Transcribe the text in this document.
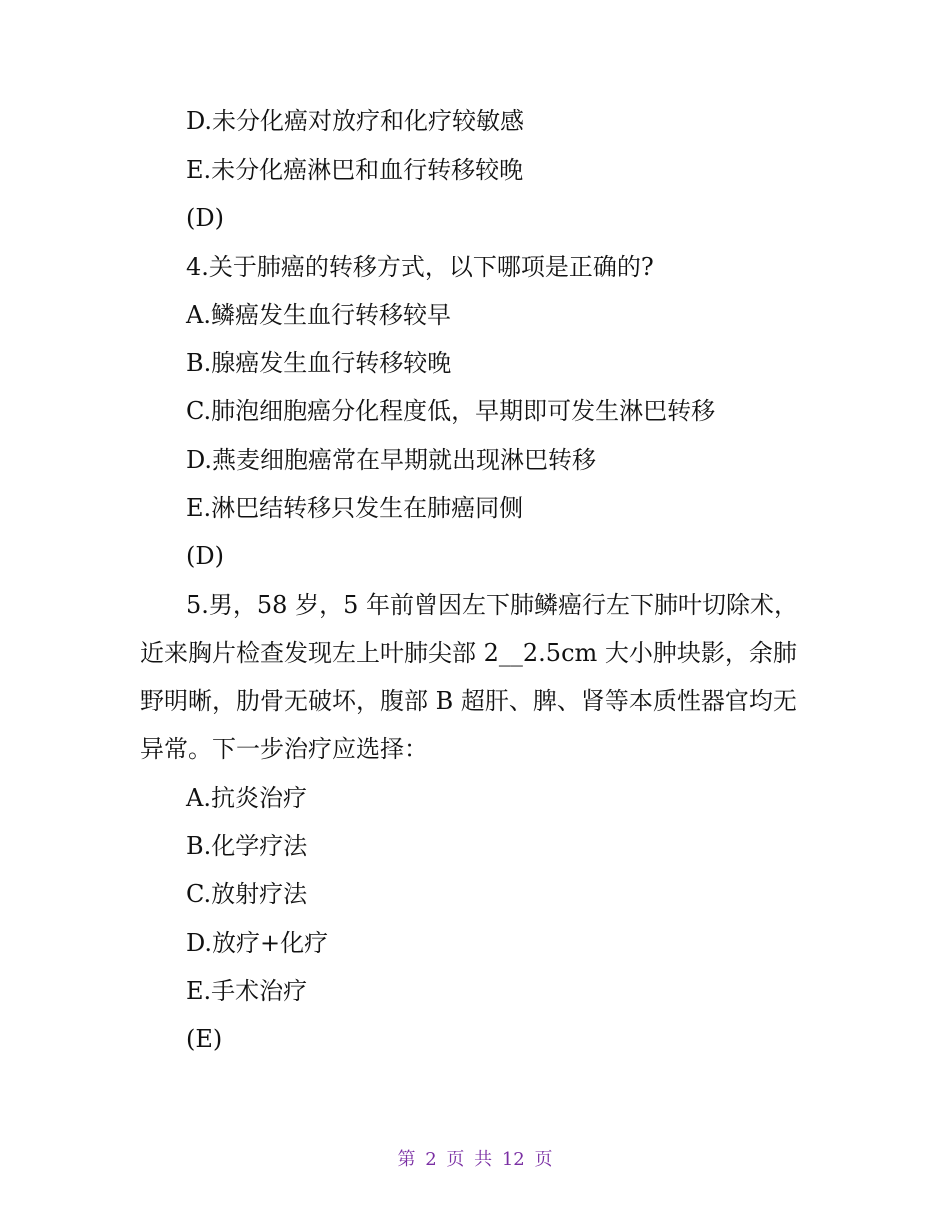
D.未分化癌对放疗和化疗较敏感
E.未分化癌淋巴和血行转移较晚
(D)
4.关于肺癌的转移方式，以下哪项是正确的?
A.鳞癌发生血行转移较早
B.腺癌发生血行转移较晚
C.肺泡细胞癌分化程度低，早期即可发生淋巴转移
D.燕麦细胞癌常在早期就出现淋巴转移
E.淋巴结转移只发生在肺癌同侧
(D)
5.男，58 岁，5 年前曾因左下肺鳞癌行左下肺叶切除术，
近来胸片检查发现左上叶肺尖部 2__2.5cm 大小肿块影，余肺
野明晰，肋骨无破坏，腹部 B 超肝、脾、肾等本质性器官均无
异常。下一步治疗应选择：
A.抗炎治疗
B.化学疗法
C.放射疗法
D.放疗+化疗
E.手术治疗
(E)
第 2 页 共 12 页
